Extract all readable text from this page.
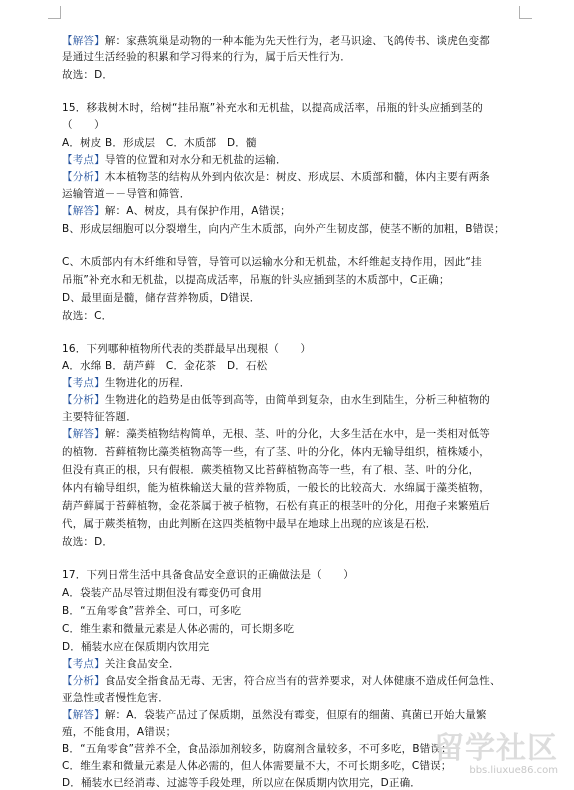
【解答】解：家燕筑巢是动物的一种本能为先天性行为，老马识途、飞鸽传书、谈虎色变都
是通过生活经验的积累和学习得来的行为，属于后天性行为．
故选：D．
15．移栽树木时，给树“挂吊瓶”补充水和无机盐，以提高成活率，吊瓶的针头应插到茎的
（　　）
A．树皮 B．形成层　C．木质部　D．髓
【考点】导管的位置和对水分和无机盐的运输．
【分析】木本植物茎的结构从外到内依次是：树皮、形成层、木质部和髓，体内主要有两条
运输管道－－导管和筛管．
【解答】解：A、树皮，具有保护作用，A错误；
B、形成层细胞可以分裂增生，向内产生木质部，向外产生韧皮部，使茎不断的加粗，B错误；
C、木质部内有木纤维和导管，导管可以运输水分和无机盐，木纤维起支持作用，因此“挂
吊瓶”补充水和无机盐，以提高成活率，吊瓶的针头应插到茎的木质部中，C正确；
D、最里面是髓，储存营养物质，D错误．
故选：C．
16．下列哪种植物所代表的类群最早出现根（　　）
A．水绵 B．葫芦藓　C．金花茶　D．石松
【考点】生物进化的历程．
【分析】生物进化的趋势是由低等到高等，由简单到复杂，由水生到陆生，分析三种植物的
主要特征答题．
【解答】解：藻类植物结构简单，无根、茎、叶的分化，大多生活在水中，是一类相对低等
的植物．苔藓植物比藻类植物高等一些，有了茎、叶的分化，体内无输导组织，植株矮小，
但没有真正的根，只有假根．蕨类植物又比苔藓植物高等一些，有了根、茎、叶的分化，
体内有输导组织，能为植株输送大量的营养物质，一般长的比较高大．水绵属于藻类植物，
葫芦藓属于苔藓植物，金花茶属于被子植物，石松有真正的根茎叶的分化，用孢子来繁殖后
代，属于蕨类植物，由此判断在这四类植物中最早在地球上出现的应该是石松．
故选：D．
17．下列日常生活中具备食品安全意识的正确做法是（　　）
A．袋装产品尽管过期但没有霉变仍可食用
B．“五角零食”营养全、可口，可多吃
C．维生素和微量元素是人体必需的，可长期多吃
D．桶装水应在保质期内饮用完
【考点】关注食品安全．
【分析】食品安全指食品无毒、无害，符合应当有的营养要求，对人体健康不造成任何急性、
亚急性或者慢性危害．
【解答】解：A．袋装产品过了保质期，虽然没有霉变，但原有的细菌、真菌已开始大量繁
殖，不能食用，A错误；
B．“五角零食”营养不全，食品添加剂较多，防腐剂含量较多，不可多吃，B错误；
C．维生素和微量元素是人体必需的，但人体需要量不大，不可长期多吃，C错误；
D．桶装水已经消毒、过滤等手段处理，所以应在保质期内饮用完，D正确．
留学社区
bbs.liuxue86.com
